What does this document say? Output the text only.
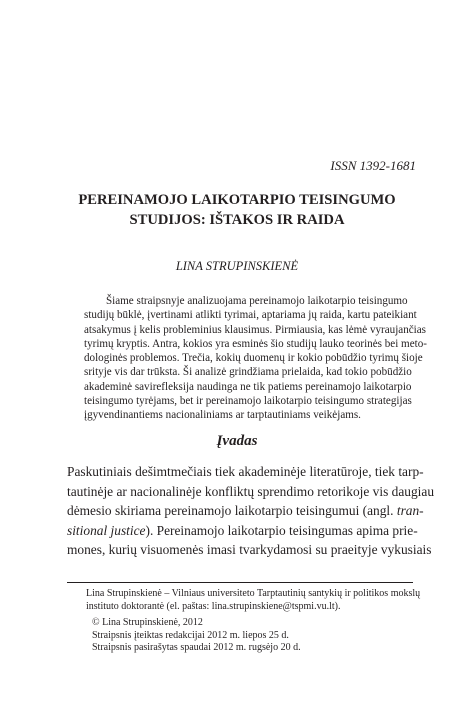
ISSN 1392-1681
PEREINAMOJO LAIKOTARPIO TEISINGUMO
STUDIJOS: IŠTAKOS IR RAIDA
LINA STRUPINSKIENĖ
Šiame straipsnyje analizuojama pereinamojo laikotarpio teisingumo
studijų būklė, įvertinami atlikti tyrimai, aptariama jų raida, kartu pateikiant
atsakymus į kelis probleminius klausimus. Pirmiausia, kas lėmė vyraujančias
tyrimų kryptis. Antra, kokios yra esminės šio studijų lauko teorinės bei meto-
dologinės problemos. Trečia, kokių duomenų ir kokio pobūdžio tyrimų šioje
srityje vis dar trūksta. Ši analizė grindžiama prielaida, kad tokio pobūdžio
akademinė savirefleksija naudinga ne tik patiems pereinamojo laikotarpio
teisingumo tyrėjams, bet ir pereinamojo laikotarpio teisingumo strategijas
įgyvendinantiems nacionaliniams ar tarptautiniams veikėjams.
Įvadas
Paskutiniais dešimtmečiais tiek akademinėje literatūroje, tiek tarp-
tautinėje ar nacionalinėje konfliktų sprendimo retorikoje vis daugiau
dėmesio skiriama pereinamojo laikotarpio teisingumui (angl. tran-
sitional justice). Pereinamojo laikotarpio teisingumas apima prie-
mones, kurių visuomenės imasi tvarkydamosi su praeityje vykusiais
Lina Strupinskienė – Vilniaus universiteto Tarptautinių santykių ir politikos mokslų
instituto doktorantė (el. paštas: lina.strupinskiene@tspmi.vu.lt).
© Lina Strupinskienė, 2012
Straipsnis įteiktas redakcijai 2012 m. liepos 25 d.
Straipsnis pasirašytas spaudai 2012 m. rugsėjo 20 d.
